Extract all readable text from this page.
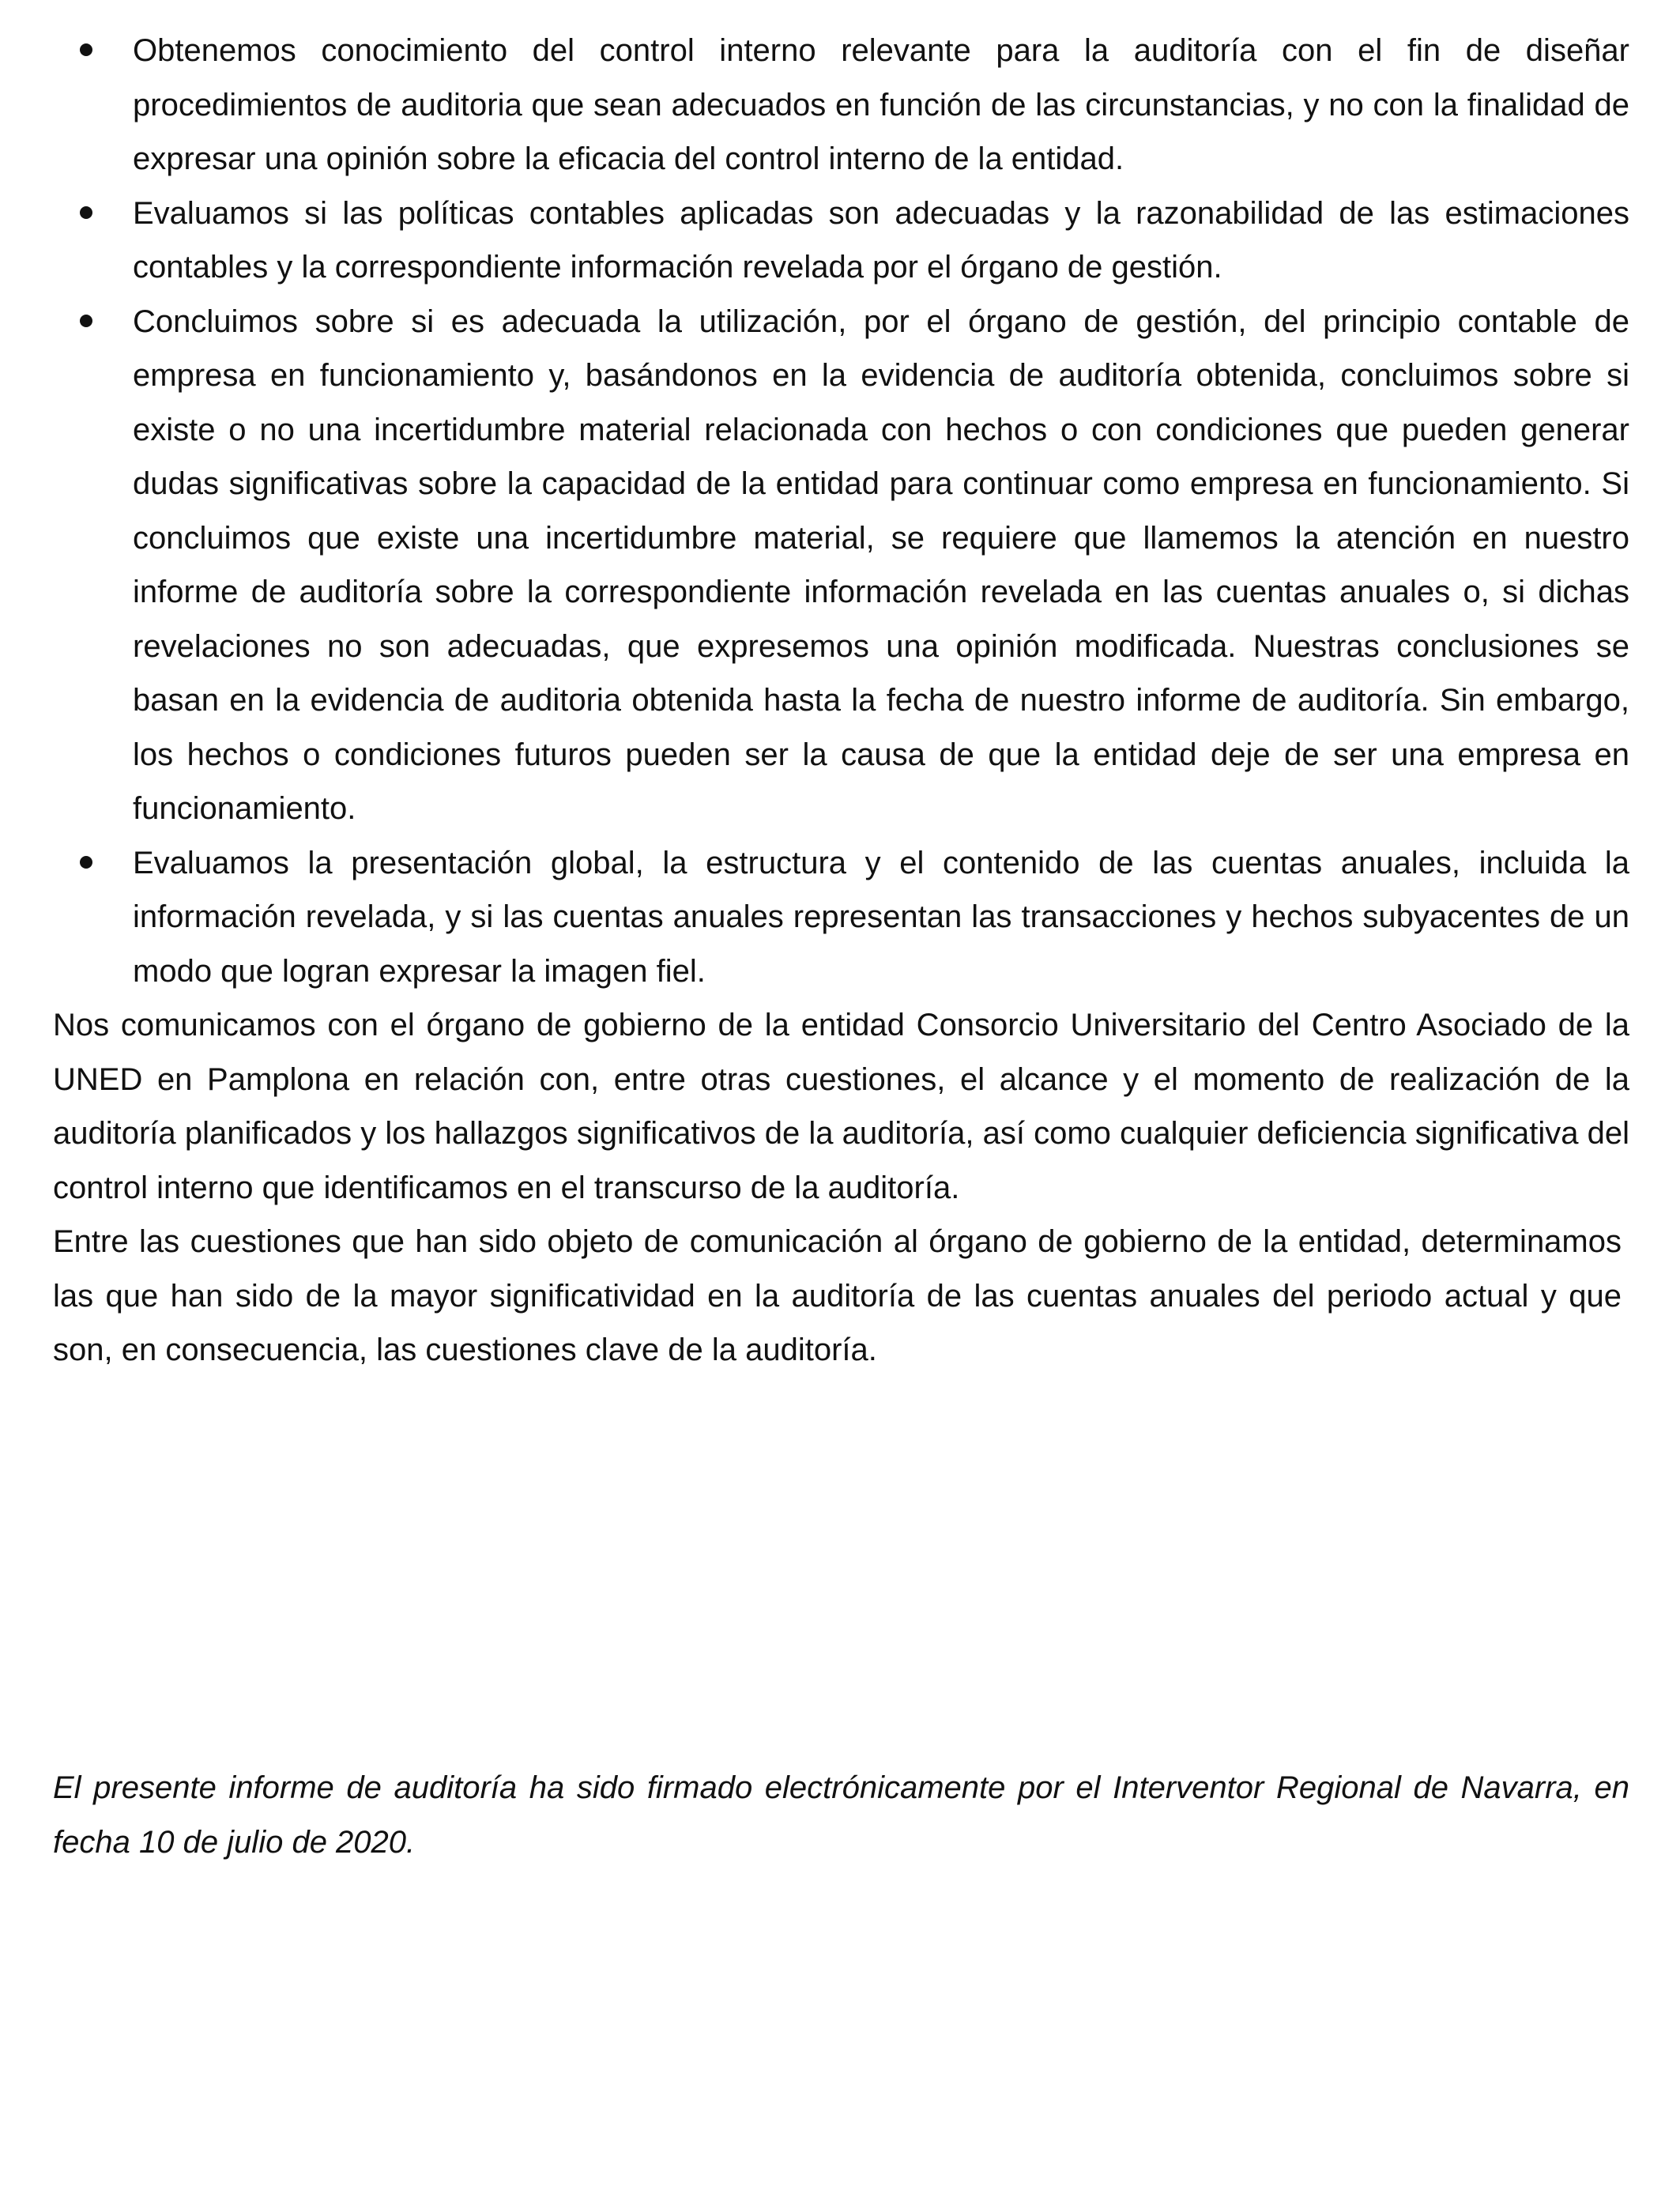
Obtenemos conocimiento del control interno relevante para la auditoría con el fin de diseñar procedimientos de auditoria que sean adecuados en función de las circunstancias, y no con la finalidad de expresar una opinión sobre la eficacia del control interno de la entidad.
Evaluamos si las políticas contables aplicadas son adecuadas y la razonabilidad de las estimaciones contables y la correspondiente información revelada por el órgano de gestión.
Concluimos sobre si es adecuada la utilización, por el órgano de gestión, del principio contable de empresa en funcionamiento y, basándonos en la evidencia de auditoría obtenida, concluimos sobre si existe o no una incertidumbre material relacionada con hechos o con condiciones que pueden generar dudas significativas sobre la capacidad de la entidad para continuar como empresa en funcionamiento. Si concluimos que existe una incertidumbre material, se requiere que llamemos la atención en nuestro informe de auditoría sobre la correspondiente información revelada en las cuentas anuales o, si dichas revelaciones no son adecuadas, que expresemos una opinión modificada. Nuestras conclusiones se basan en la evidencia de auditoria obtenida hasta la fecha de nuestro informe de auditoría. Sin embargo, los hechos o condiciones futuros pueden ser la causa de que la entidad deje de ser una empresa en funcionamiento.
Evaluamos la presentación global, la estructura y el contenido de las cuentas anuales, incluida la información revelada, y si las cuentas anuales representan las transacciones y hechos subyacentes de un modo que logran expresar la imagen fiel.

Nos comunicamos con el órgano de gobierno de la entidad Consorcio Universitario del Centro Asociado de la UNED en Pamplona en relación con, entre otras cuestiones, el alcance y el momento de realización de la auditoría planificados y los hallazgos significativos de la auditoría, así como cualquier deficiencia significativa del control interno que identificamos en el transcurso de la auditoría.

Entre las cuestiones que han sido objeto de comunicación al órgano de gobierno de la entidad, determinamos las que han sido de la mayor significatividad en la auditoría de las cuentas anuales del periodo actual y que son, en consecuencia, las cuestiones clave de la auditoría.

El presente informe de auditoría ha sido firmado electrónicamente por el Interventor Regional de Navarra, en fecha 10 de julio de 2020.
